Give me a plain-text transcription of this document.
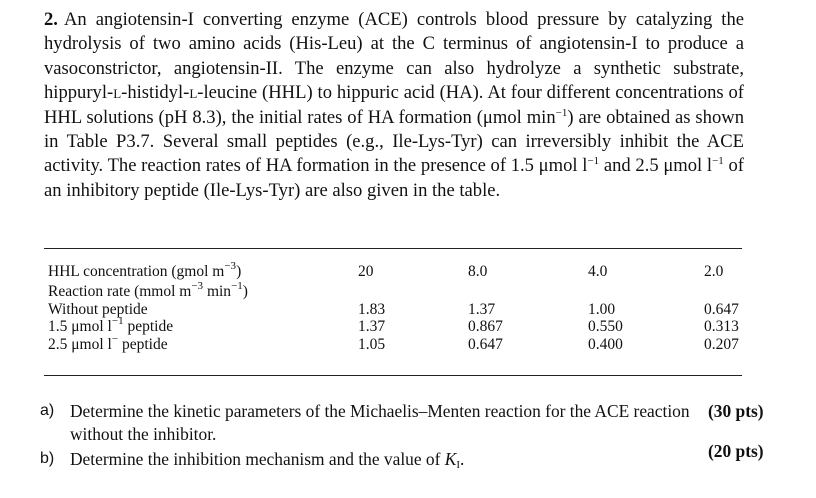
2. An angiotensin-I converting enzyme (ACE) controls blood pressure by catalyzing the hydrolysis of two amino acids (His-Leu) at the C terminus of angiotensin-I to produce a vasoconstrictor, angiotensin-II. The enzyme can also hydrolyze a synthetic substrate, hippuryl-l-histidyl-l-leucine (HHL) to hippuric acid (HA). At four different concentrations of HHL solutions (pH 8.3), the initial rates of HA formation (μmol $\min^{-1}$) are obtained as shown in Table P3.7. Several small peptides (e.g., Ile-Lys-Tyr) can irreversibly inhibit the ACE activity. The reaction rates of HA formation in the presence of 1.5 μmol $l^{-1}$ and 2.5 μmol $l^{-1}$ of an inhibitory peptide (Ile-Lys-Tyr) are also given in the table.
HHL concentration (gmol $m^{-3}$)	20	8.0	4.0	2.0
Reaction rate (mmol $m^{-3}$ $\min^{-1}$)
Without peptide	1.83	1.37	1.00	0.647
1.5 μmol $l^{-1}$ peptide	1.37	0.867	0.550	0.313
2.5 μmol l− peptide	1.05	0.647	0.400	0.207
a) Determine the kinetic parameters of the Michaelis–Menten reaction for the ACE reaction without the inhibitor.
(30 pts)
b) Determine the inhibition mechanism and the value of $K_I$.	(20 pts)
